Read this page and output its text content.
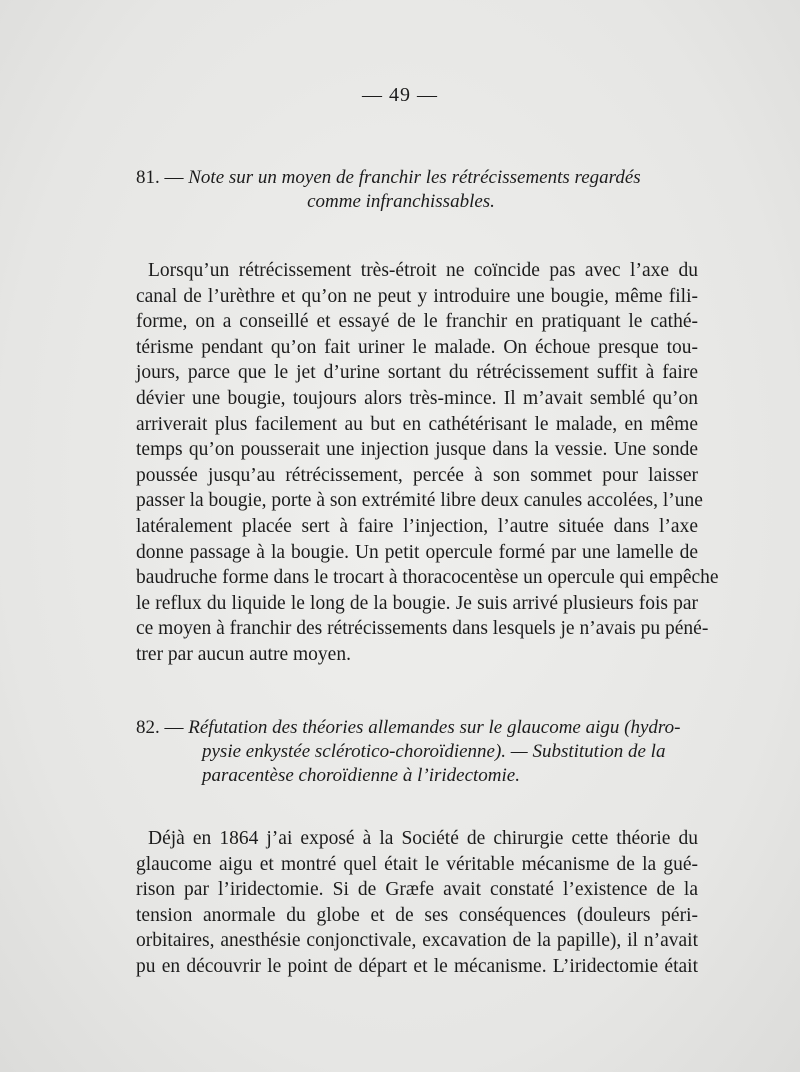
— 49 —
81. — Note sur un moyen de franchir les rétrécissements regardés
comme infranchissables.
Lorsqu’un rétrécissement très-étroit ne coïncide pas avec l’axe du
canal de l’urèthre et qu’on ne peut y introduire une bougie, même fili-
forme, on a conseillé et essayé de le franchir en pratiquant le cathé-
térisme pendant qu’on fait uriner le malade. On échoue presque tou-
jours, parce que le jet d’urine sortant du rétrécissement suffit à faire
dévier une bougie, toujours alors très-mince. Il m’avait semblé qu’on
arriverait plus facilement au but en cathétérisant le malade, en même
temps qu’on pousserait une injection jusque dans la vessie. Une sonde
poussée jusqu’au rétrécissement, percée à son sommet pour laisser
passer la bougie, porte à son extrémité libre deux canules accolées, l’une
latéralement placée sert à faire l’injection, l’autre située dans l’axe
donne passage à la bougie. Un petit opercule formé par une lamelle de
baudruche forme dans le trocart à thoracocentèse un opercule qui empêche
le reflux du liquide le long de la bougie. Je suis arrivé plusieurs fois par
ce moyen à franchir des rétrécissements dans lesquels je n’avais pu péné-
trer par aucun autre moyen.
82. — Réfutation des théories allemandes sur le glaucome aigu (hydro-
pysie enkystée sclérotico-choroïdienne). — Substitution de la
paracentèse choroïdienne à l’iridectomie.
Déjà en 1864 j’ai exposé à la Société de chirurgie cette théorie du
glaucome aigu et montré quel était le véritable mécanisme de la gué-
rison par l’iridectomie. Si de Græfe avait constaté l’existence de la
tension anormale du globe et de ses conséquences (douleurs péri-
orbitaires, anesthésie conjonctivale, excavation de la papille), il n’avait
pu en découvrir le point de départ et le mécanisme. L’iridectomie était
